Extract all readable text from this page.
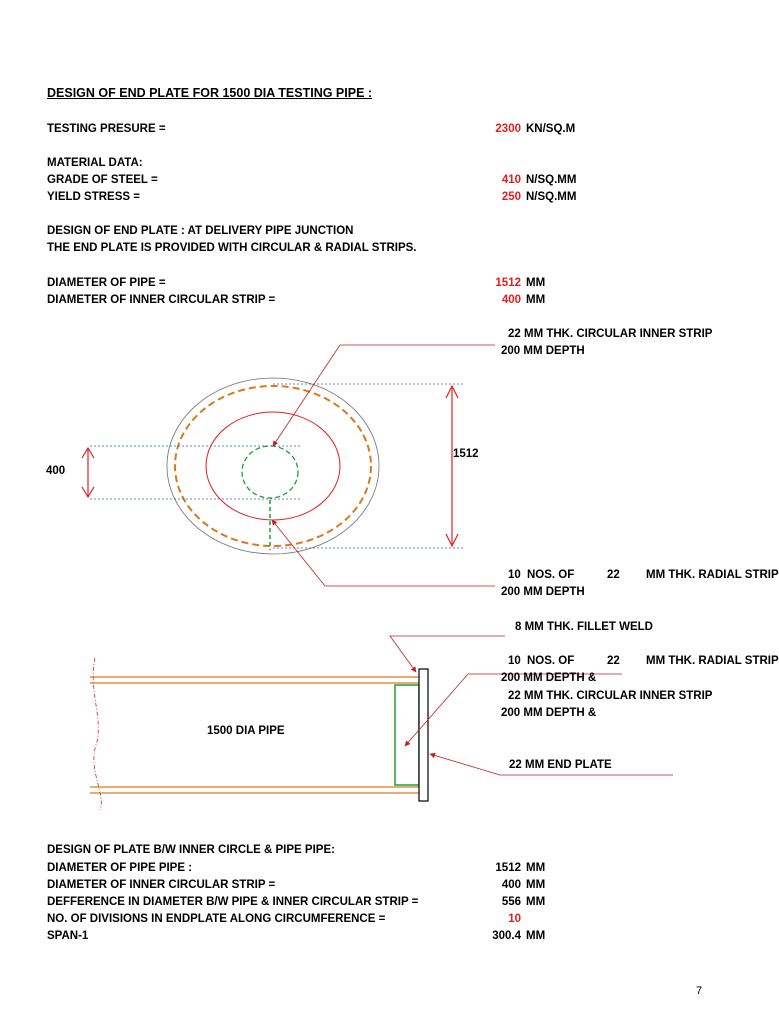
DESIGN OF END PLATE FOR 1500 DIA TESTING PIPE :
TESTING PRESURE =	2300 KN/SQ.M
MATERIAL DATA:
GRADE OF STEEL =	410 N/SQ.MM
YIELD STRESS =	250 N/SQ.MM
DESIGN OF END PLATE : AT DELIVERY PIPE JUNCTION
THE END PLATE IS PROVIDED WITH CIRCULAR & RADIAL STRIPS.
DIAMETER OF PIPE =	1512 MM
DIAMETER OF INNER CIRCULAR STRIP =	400 MM
22 MM THK. CIRCULAR INNER STRIP
200 MM DEPTH
1512
400
10 NOS. OF	22 MM THK. RADIAL STRIP
200 MM DEPTH
8 MM THK. FILLET WELD
10 NOS. OF	22 MM THK. RADIAL STRIP
200 MM DEPTH &
22 MM THK. CIRCULAR INNER STRIP
200 MM DEPTH &
1500 DIA PIPE
22 MM END PLATE
DESIGN OF PLATE B/W INNER CIRCLE & PIPE PIPE:
DIAMETER OF PIPE PIPE :	1512 MM
DIAMETER OF INNER CIRCULAR STRIP =	400 MM
DEFFERENCE IN DIAMETER B/W PIPE & INNER CIRCULAR STRIP =	556 MM
NO. OF DIVISIONS IN ENDPLATE ALONG CIRCUMFERENCE =	10
SPAN-1	300.4 MM
7
